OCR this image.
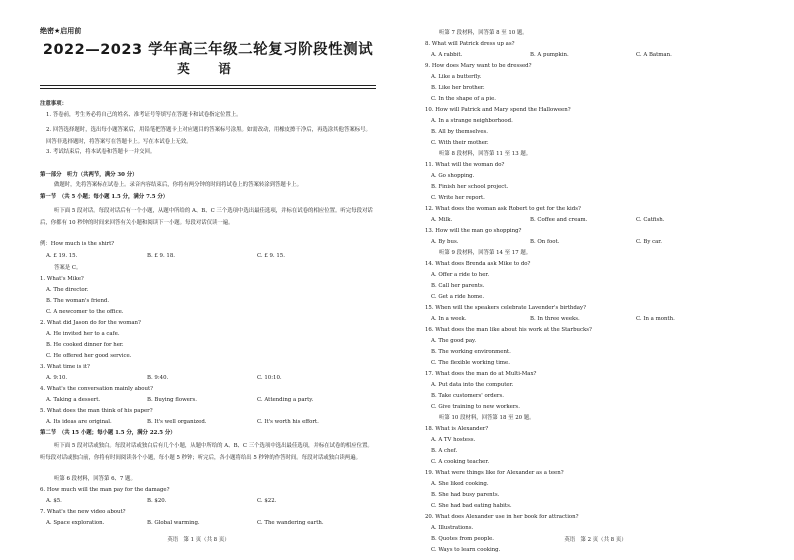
绝密★启用前
2022—2023 学年高三年级二轮复习阶段性测试
英　语
注意事项：
1. 答卷前，考生务必将自己的姓名、准考证号等填写在答题卡和试卷指定位置上。
2. 回答选择题时，选出每小题答案后，用铅笔把答题卡上对应题目的答案标号涂黑。如需改动，用橡皮擦干净后，再选涂其他答案标号。回答非选择题时，将答案写在答题卡上。写在本试卷上无效。
3. 考试结束后，将本试卷和答题卡一并交回。
第一部分　听力（共两节，满分 30 分）
做题时，先将答案标在试卷上。录音内容结束后，你将有两分钟的时间将试卷上的答案转涂到答题卡上。
第一节　（共 5 小题；每小题 1.5 分，满分 7.5 分）
听下面 5 段对话。每段对话后有一个小题，从题中所给的 A、B、C 三个选项中选出最佳选项，并标在试卷的相应位置。听完每段对话后，你都有 10 秒钟的时间来回答有关小题和阅读下一小题。每段对话仅读一遍。
例：How much is the shirt?
A. £ 19. 15.	B. £ 9. 18.	C. £ 9. 15.
答案是 C。
1. What's Mike?
A. The director.
B. The woman's friend.
C. A newcomer to the office.
2. What did Jason do for the woman?
A. He invited her to a cafe.
B. He cooked dinner for her.
C. He offered her good service.
3. What time is it?
A. 9:10.	B. 9:40.	C. 10:10.
4. What's the conversation mainly about?
A. Taking a dessert.	B. Buying flowers.	C. Attending a party.
5. What does the man think of his paper?
A. Its ideas are original.	B. It's well organized.	C. It's worth his effort.
第二节　（共 15 小题；每小题 1.5 分，满分 22.5 分）
听下面 5 段对话或独白。每段对话或独白后有几个小题，从题中所给的 A、B、C 三个选项中选出最佳选项，并标在试卷的相应位置。听每段对话或独白前，你将有时间阅读各个小题，每小题 5 秒钟；听完后，各小题将给出 5 秒钟的作答时间。每段对话或独白读两遍。
听第 6 段材料，回答第 6、7 题。
6. How much will the man pay for the damage?
A. $5.	B. $20.	C. $22.
7. What's the new video about?
A. Space exploration.	B. Global warming.	C. The wandering earth.
英语　第 1 页（共 8 页）
听第 7 段材料，回答第 8 至 10 题。
8. What will Patrick dress up as?
A. A rabbit.	B. A pumpkin.	C. A Batman.
9. How does Mary want to be dressed?
A. Like a butterfly.
B. Like her brother.
C. In the shape of a pie.
10. How will Patrick and Mary spend the Halloween?
A. In a strange neighborhood.
B. All by themselves.
C. With their mother.
听第 8 段材料，回答第 11 至 13 题。
11. What will the woman do?
A. Go shopping.
B. Finish her school project.
C. Write her report.
12. What does the woman ask Robert to get for the kids?
A. Milk.	B. Coffee and cream.	C. Catfish.
13. How will the man go shopping?
A. By bus.	B. On foot.	C. By car.
听第 9 段材料，回答第 14 至 17 题。
14. What does Brenda ask Mike to do?
A. Offer a ride to her.
B. Call her parents.
C. Get a ride home.
15. When will the speakers celebrate Lavender's birthday?
A. In a week.	B. In three weeks.	C. In a month.
16. What does the man like about his work at the Starbucks?
A. The good pay.
B. The working environment.
C. The flexible working time.
17. What does the man do at Multi-Max?
A. Put data into the computer.
B. Take customers' orders.
C. Give training to new workers.
听第 10 段材料，回答第 18 至 20 题。
18. What is Alexander?
A. A TV hostess.
B. A chef.
C. A cooking teacher.
19. What were things like for Alexander as a teen?
A. She liked cooking.
B. She had busy parents.
C. She had bad eating habits.
20. What does Alexander use in her book for attraction?
A. Illustrations.
B. Quotes from people.
C. Ways to learn cooking.
英语　第 2 页（共 8 页）
